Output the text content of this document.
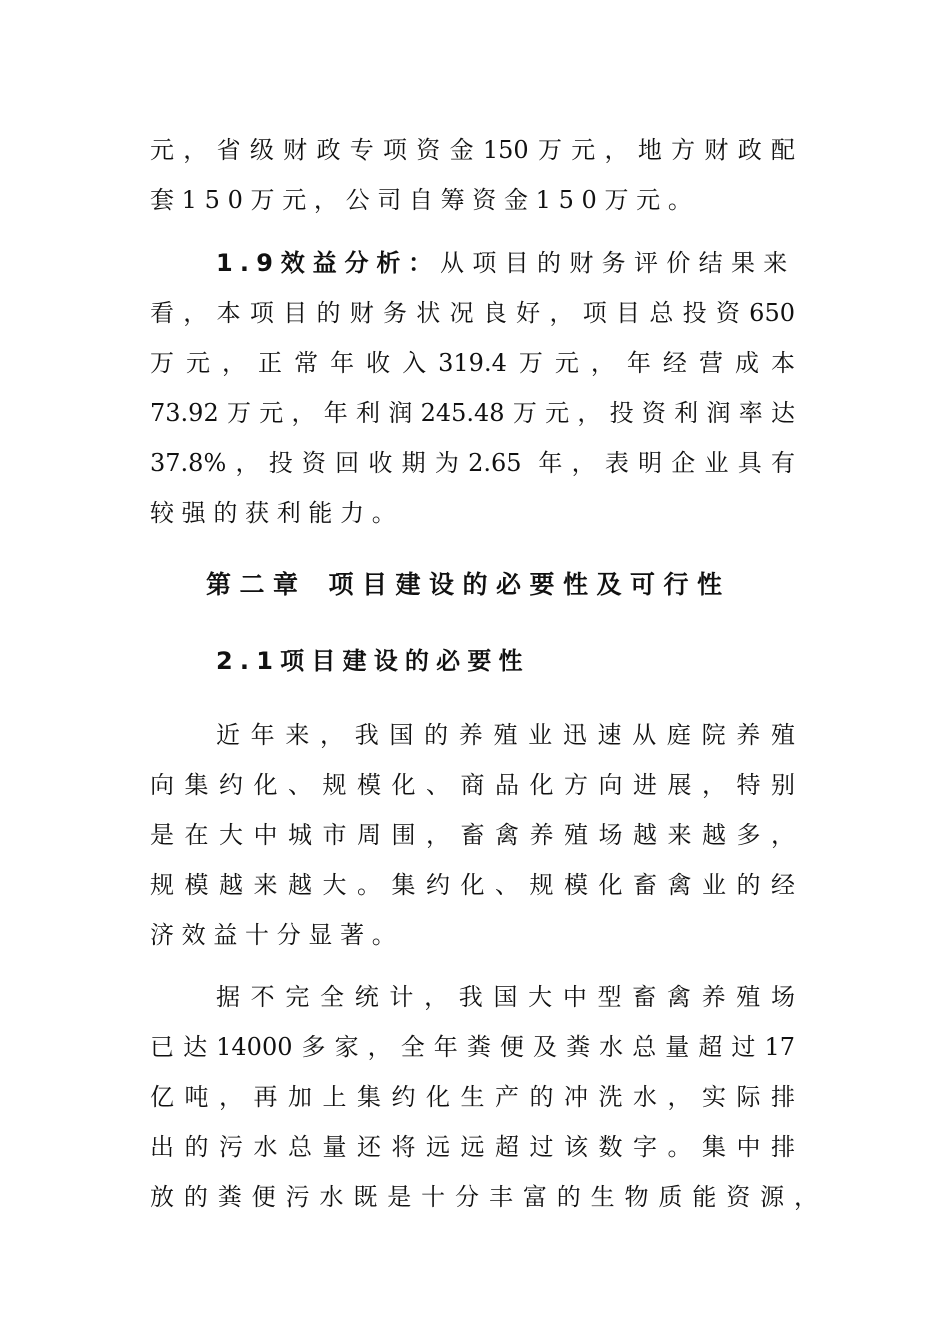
元，省级财政专项资金150万元，地方财政配
套150万元，公司自筹资金150万元。
1.9效益分析：从项目的财务评价结果来
看，本项目的财务状况良好，项目总投资650
万元，正常年收入319.4万元，年经营成本
73.92万元，年利润245.48万元，投资利润率达
37.8%，投资回收期为2.65 年，表明企业具有
较强的获利能力。
第二章 项目建设的必要性及可行性
2.1项目建设的必要性
近年来，我国的养殖业迅速从庭院养殖
向集约化、规模化、商品化方向进展，特别
是在大中城市周围，畜禽养殖场越来越多，
规模越来越大。集约化、规模化畜禽业的经
济效益十分显著。
据不完全统计，我国大中型畜禽养殖场
已达14000多家，全年粪便及粪水总量超过17
亿吨，再加上集约化生产的冲洗水，实际排
出的污水总量还将远远超过该数字。集中排
放的粪便污水既是十分丰富的生物质能资源，
